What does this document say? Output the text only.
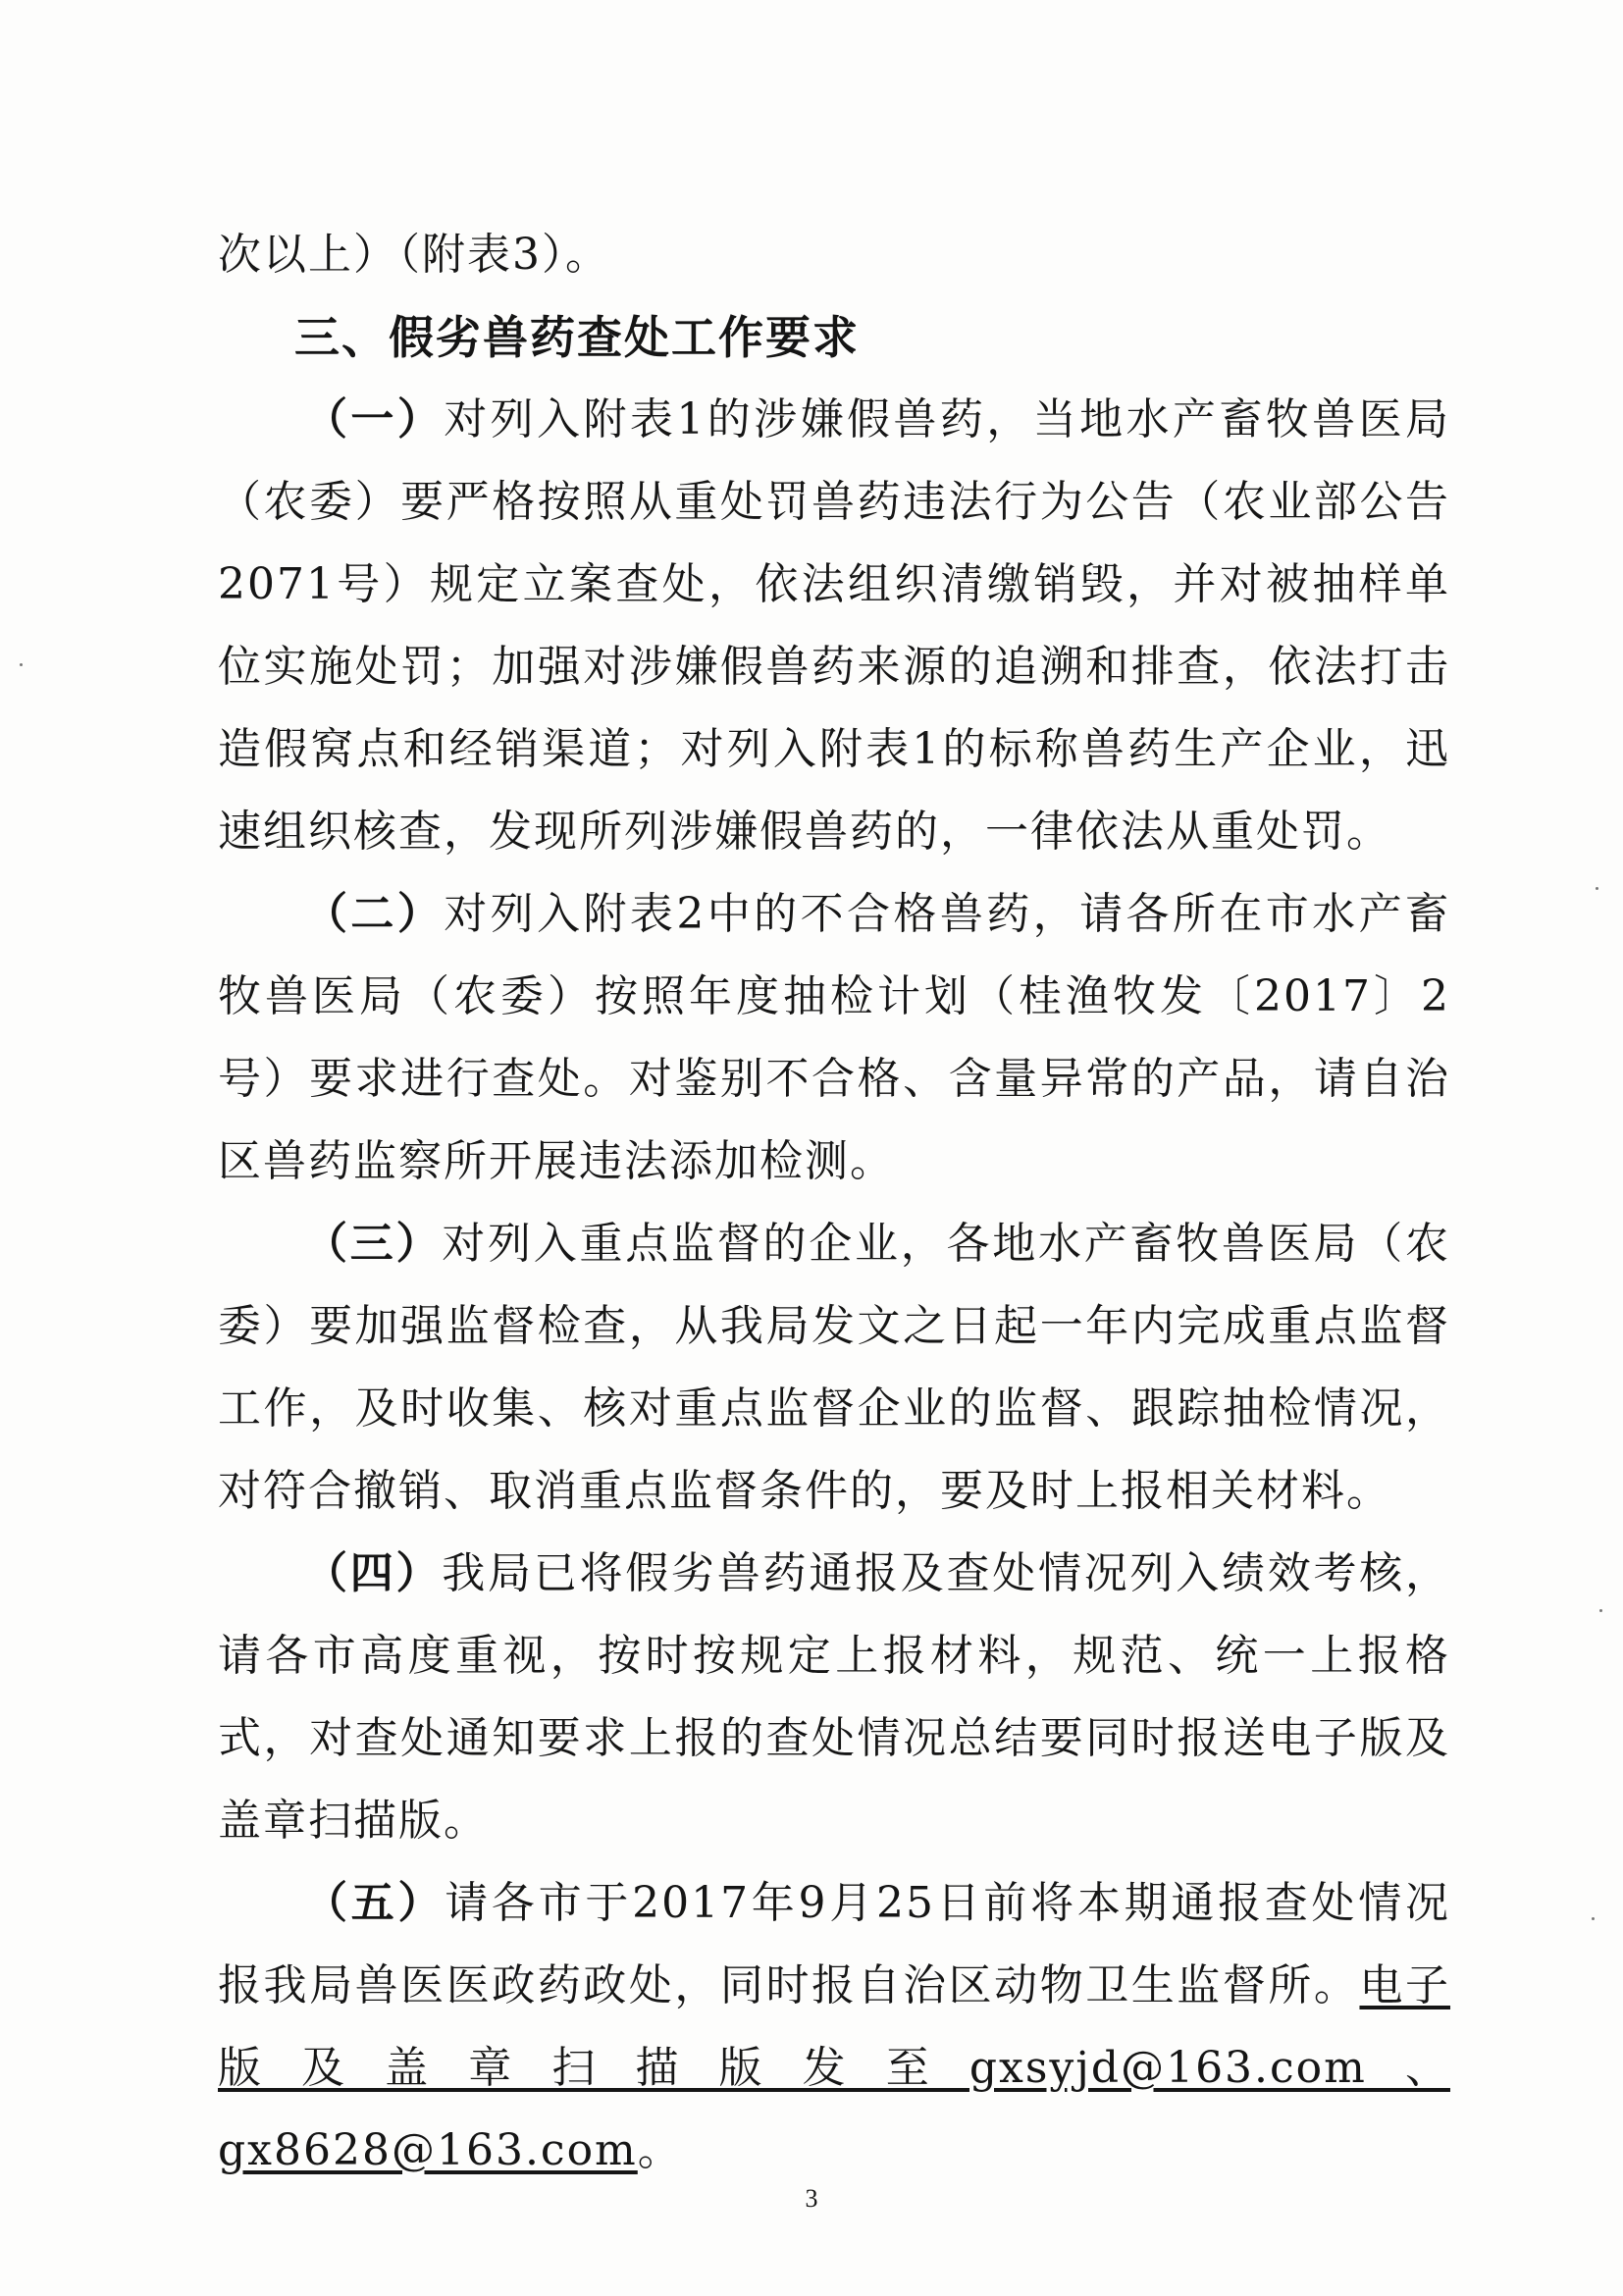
次以上）（附表3）。
三、假劣兽药查处工作要求

（一）对列入附表1的涉嫌假兽药，当地水产畜牧兽医局（农委）要严格按照从重处罚兽药违法行为公告（农业部公告2071号）规定立案查处，依法组织清缴销毁，并对被抽样单位实施处罚；加强对涉嫌假兽药来源的追溯和排查，依法打击造假窝点和经销渠道；对列入附表1的标称兽药生产企业，迅速组织核查，发现所列涉嫌假兽药的，一律依法从重处罚。

（二）对列入附表2中的不合格兽药，请各所在市水产畜牧兽医局（农委）按照年度抽检计划（桂渔牧发〔2017〕2号）要求进行查处。对鉴别不合格、含量异常的产品，请自治区兽药监察所开展违法添加检测。

（三）对列入重点监督的企业，各地水产畜牧兽医局（农委）要加强监督检查，从我局发文之日起一年内完成重点监督工作，及时收集、核对重点监督企业的监督、跟踪抽检情况，对符合撤销、取消重点监督条件的，要及时上报相关材料。

（四）我局已将假劣兽药通报及查处情况列入绩效考核，请各市高度重视，按时按规定上报材料，规范、统一上报格式，对查处通知要求上报的查处情况总结要同时报送电子版及盖章扫描版。

（五）请各市于2017年9月25日前将本期通报查处情况报我局兽医医政药政处，同时报自治区动物卫生监督所。电子版及盖章扫描版发至gxsyjd@163.com、gx8628@163.com。

3
